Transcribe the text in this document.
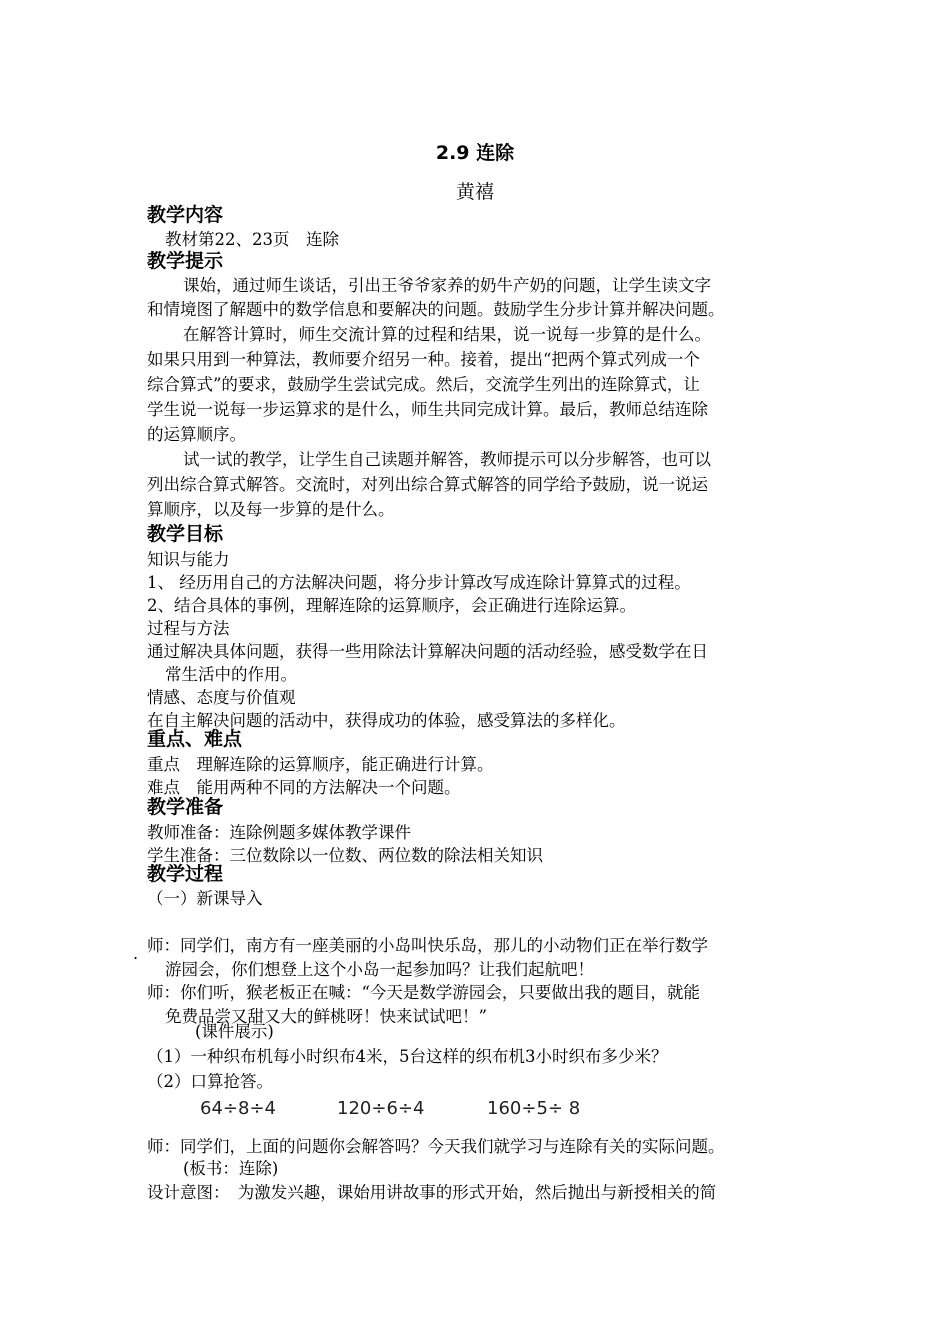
2.9 连除
黄禧
教学内容
教材第22、23页　连除
教学提示
课始，通过师生谈话，引出王爷爷家养的奶牛产奶的问题，让学生读文字
和情境图了解题中的数学信息和要解决的问题。鼓励学生分步计算并解决问题。
在解答计算时，师生交流计算的过程和结果，说一说每一步算的是什么。
如果只用到一种算法，教师要介绍另一种。接着，提出“把两个算式列成一个
综合算式”的要求，鼓励学生尝试完成。然后，交流学生列出的连除算式，让
学生说一说每一步运算求的是什么，师生共同完成计算。最后，教师总结连除
的运算顺序。
试一试的教学，让学生自己读题并解答，教师提示可以分步解答，也可以
列出综合算式解答。交流时，对列出综合算式解答的同学给予鼓励，说一说运
算顺序，以及每一步算的是什么。
教学目标
知识与能力
1、 经历用自己的方法解决问题，将分步计算改写成连除计算算式的过程。
2、结合具体的事例，理解连除的运算顺序，会正确进行连除运算。
过程与方法
通过解决具体问题，获得一些用除法计算解决问题的活动经验，感受数学在日
常生活中的作用。
情感、态度与价值观
在自主解决问题的活动中，获得成功的体验，感受算法的多样化。
重点、难点
重点　理解连除的运算顺序，能正确进行计算。
难点　能用两种不同的方法解决一个问题。
教学准备
教师准备：连除例题多媒体教学课件
学生准备：三位数除以一位数、两位数的除法相关知识
教学过程
（一）新课导入
. 师：同学们，南方有一座美丽的小岛叫快乐岛，那儿的小动物们正在举行数学
游园会，你们想登上这个小岛一起参加吗？让我们起航吧！
师：你们听，猴老板正在喊：“今天是数学游园会，只要做出我的题目，就能
免费品尝又甜又大的鲜桃呀！快来试试吧！”
(课件展示)
（1）一种织布机每小时织布4米，5台这样的织布机3小时织布多少米？
（2）口算抢答。
64÷8÷4	120÷6÷4	160÷5÷ 8
师：同学们，上面的问题你会解答吗？今天我们就学习与连除有关的实际问题。
(板书：连除)
设计意图：　为激发兴趣，课始用讲故事的形式开始，然后抛出与新授相关的简
